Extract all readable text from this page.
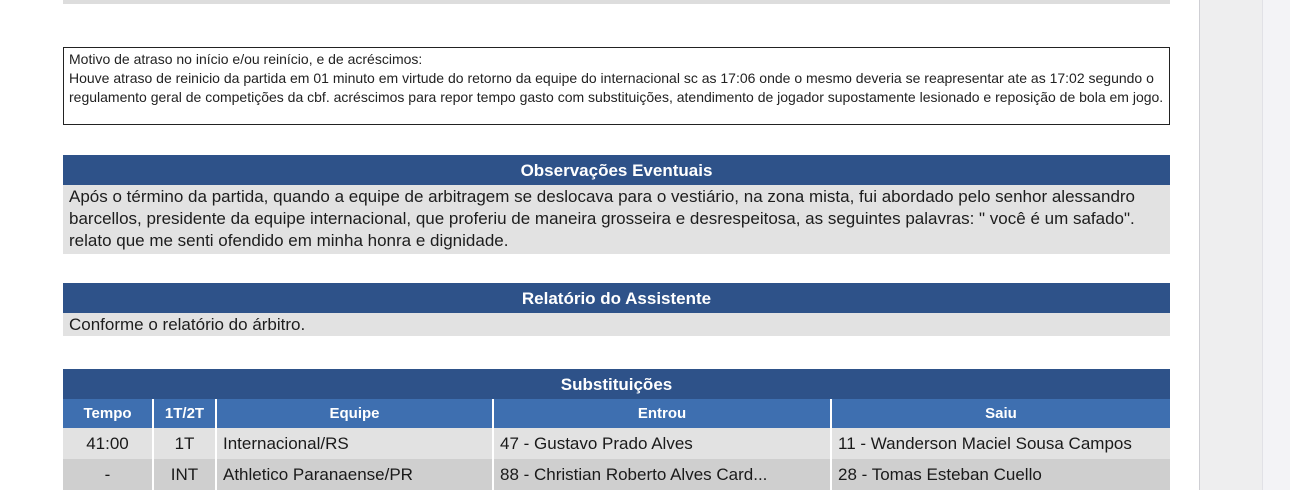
Motivo de atraso no início e/ou reinício, e de acréscimos:

Houve atraso de reinicio da partida em 01 minuto em virtude do retorno da equipe do internacional sc as 17:06 onde o mesmo deveria se reapresentar ate as 17:02 segundo o regulamento geral de competições da cbf. acréscimos para repor tempo gasto com substituições, atendimento de jogador supostamente lesionado e reposição de bola em jogo.

Observações Eventuais
Após o término da partida, quando a equipe de arbitragem se deslocava para o vestiário, na zona mista, fui abordado pelo senhor alessandro barcellos, presidente da equipe internacional, que proferiu de maneira grosseira e desrespeitosa, as seguintes palavras: " você é um safado". relato que me senti ofendido em minha honra e dignidade.
Relatório do Assistente
Conforme o relatório do árbitro.
Substituições
Tempo	1T/2T	Equipe	Entrou	Saiu
41:00	1T	Internacional/RS	47 - Gustavo Prado Alves	11 - Wanderson Maciel Sousa Campos
-	INT	Athletico Paranaense/PR	88 - Christian Roberto Alves Card...	28 - Tomas Esteban Cuello
